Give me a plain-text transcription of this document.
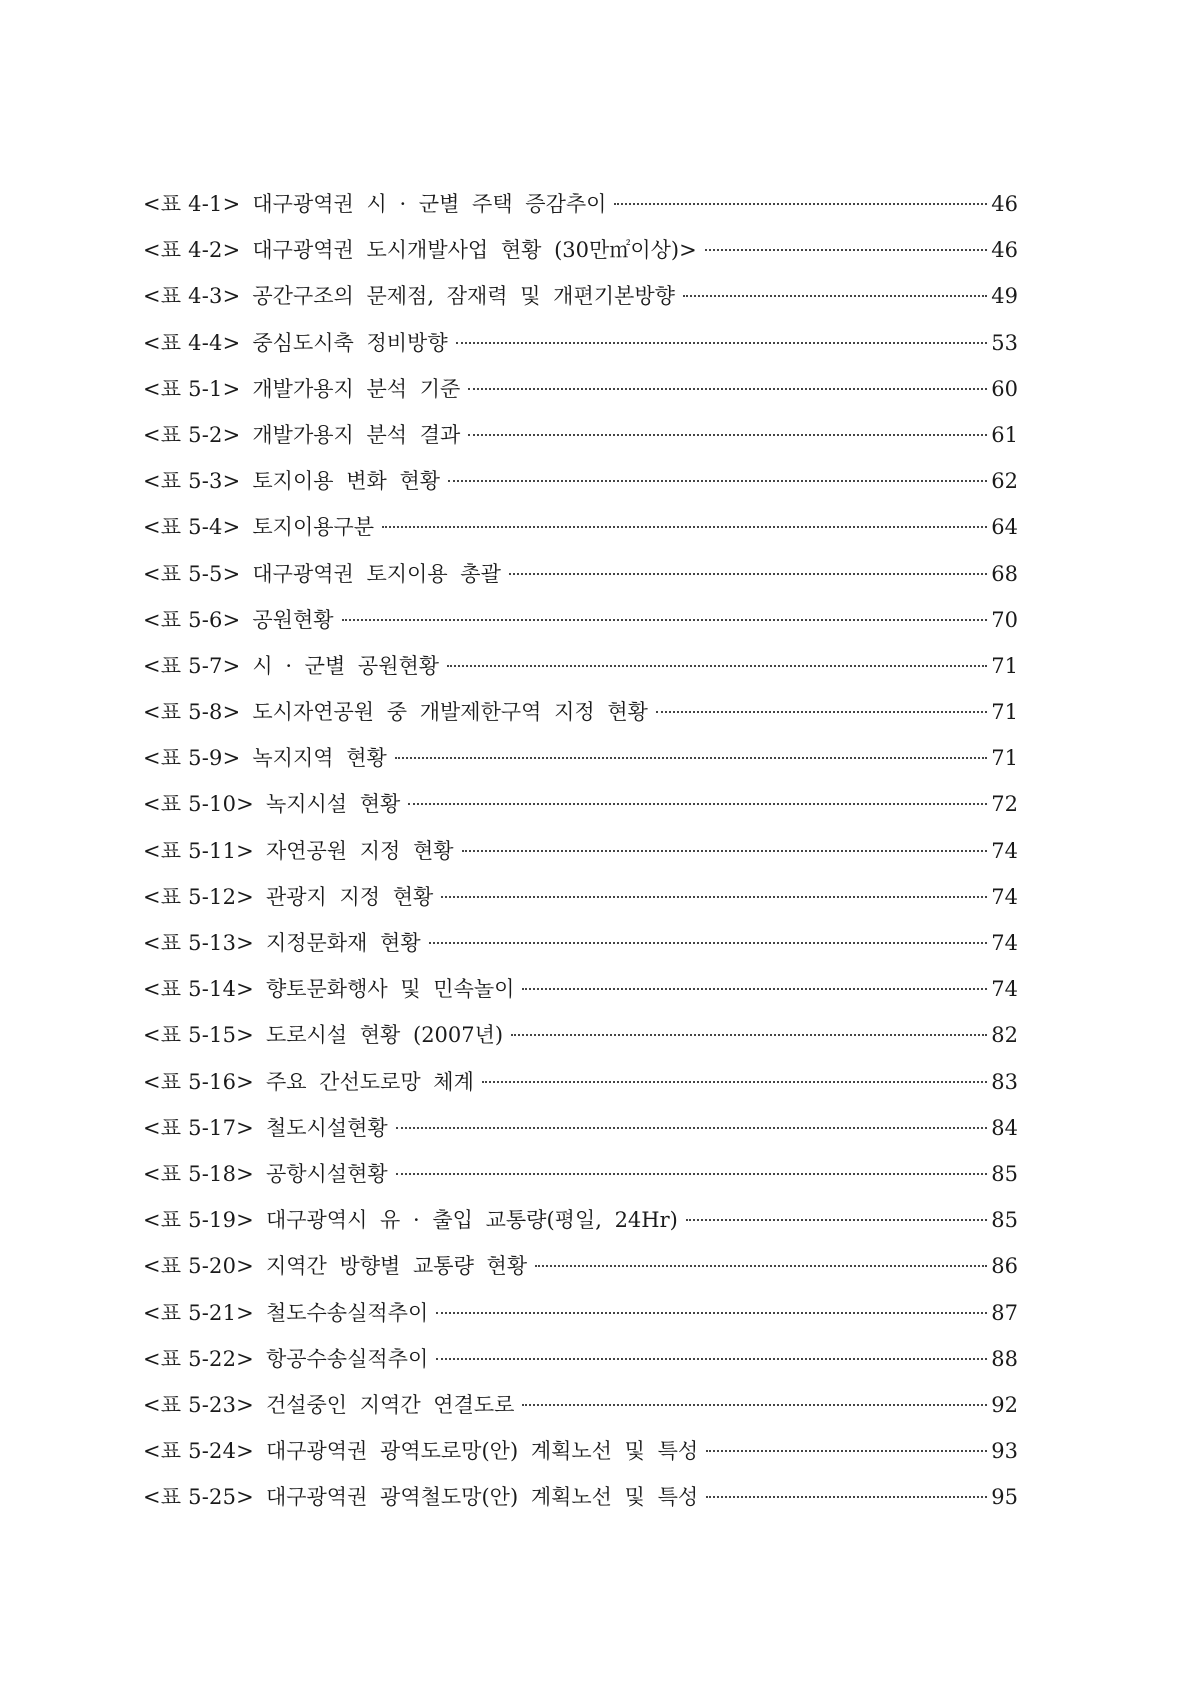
<표 4-1> 대구광역권 시 · 군별 주택 증감추이	46
<표 4-2> 대구광역권 도시개발사업 현황 (30만㎡이상)>	46
<표 4-3> 공간구조의 문제점, 잠재력 및 개편기본방향	49
<표 4-4> 중심도시축 정비방향	53
<표 5-1> 개발가용지 분석 기준	60
<표 5-2> 개발가용지 분석 결과	61
<표 5-3> 토지이용 변화 현황	62
<표 5-4> 토지이용구분	64
<표 5-5> 대구광역권 토지이용 총괄	68
<표 5-6> 공원현황	70
<표 5-7> 시 · 군별 공원현황	71
<표 5-8> 도시자연공원 중 개발제한구역 지정 현황	71
<표 5-9> 녹지지역 현황	71
<표 5-10> 녹지시설 현황	72
<표 5-11> 자연공원 지정 현황	74
<표 5-12> 관광지 지정 현황	74
<표 5-13> 지정문화재 현황	74
<표 5-14> 향토문화행사 및 민속놀이	74
<표 5-15> 도로시설 현황 (2007년)	82
<표 5-16> 주요 간선도로망 체계	83
<표 5-17> 철도시설현황	84
<표 5-18> 공항시설현황	85
<표 5-19> 대구광역시 유 · 출입 교통량(평일, 24Hr)	85
<표 5-20> 지역간 방향별 교통량 현황	86
<표 5-21> 철도수송실적추이	87
<표 5-22> 항공수송실적추이	88
<표 5-23> 건설중인 지역간 연결도로	92
<표 5-24> 대구광역권 광역도로망(안) 계획노선 및 특성	93
<표 5-25> 대구광역권 광역철도망(안) 계획노선 및 특성	95
